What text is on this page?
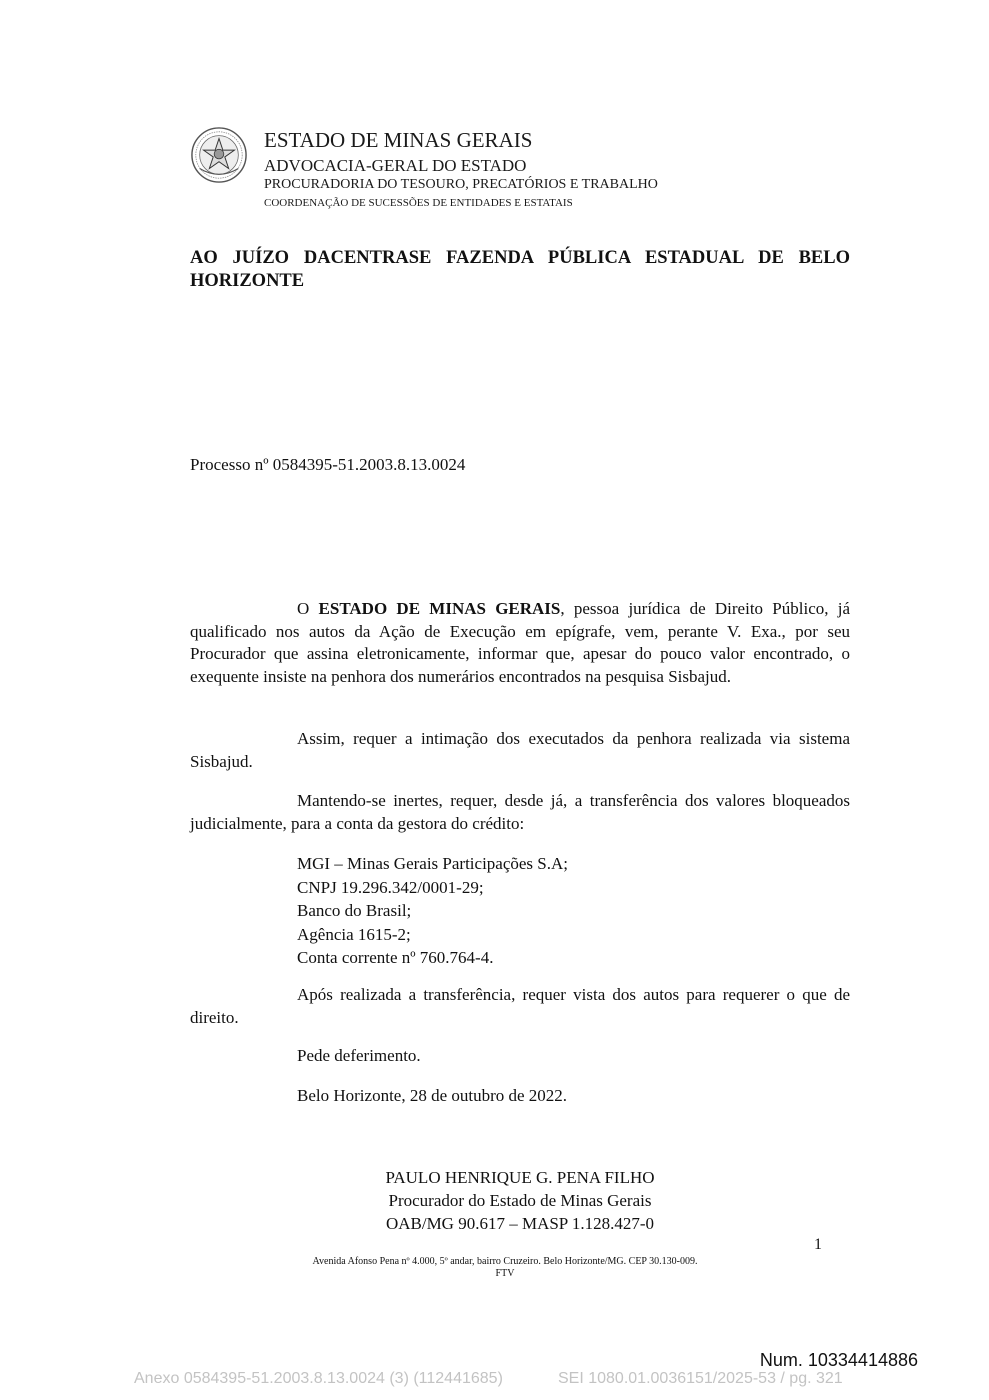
ESTADO DE MINAS GERAIS
ADVOCACIA-GERAL DO ESTADO
PROCURADORIA DO TESOURO, PRECATÓRIOS E TRABALHO
COORDENAÇÃO DE SUCESSÕES DE ENTIDADES E ESTATAIS
AO JUÍZO DACENTRASE FAZENDA PÚBLICA ESTADUAL DE BELO HORIZONTE
Processo nº 0584395-51.2003.8.13.0024
O ESTADO DE MINAS GERAIS, pessoa jurídica de Direito Público, já qualificado nos autos da Ação de Execução em epígrafe, vem, perante V. Exa., por seu Procurador que assina eletronicamente, informar que, apesar do pouco valor encontrado, o exequente insiste na penhora dos numerários encontrados na pesquisa Sisbajud.
Assim, requer a intimação dos executados da penhora realizada via sistema Sisbajud.
Mantendo-se inertes, requer, desde já, a transferência dos valores bloqueados judicialmente, para a conta da gestora do crédito:
MGI – Minas Gerais Participações S.A;
CNPJ 19.296.342/0001-29;
Banco do Brasil;
Agência 1615-2;
Conta corrente nº 760.764-4.
Após realizada a transferência, requer vista dos autos para requerer o que de direito.
Pede deferimento.
Belo Horizonte, 28 de outubro de 2022.
PAULO HENRIQUE G. PENA FILHO
Procurador do Estado de Minas Gerais
OAB/MG 90.617 – MASP 1.128.427-0
1
Avenida Afonso Pena nº 4.000, 5º andar, bairro Cruzeiro. Belo Horizonte/MG. CEP 30.130-009.
FTV
Num. 10334414886
Anexo 0584395-51.2003.8.13.0024 (3) (112441685)	SEI 1080.01.0036151/2025-53 / pg. 321
